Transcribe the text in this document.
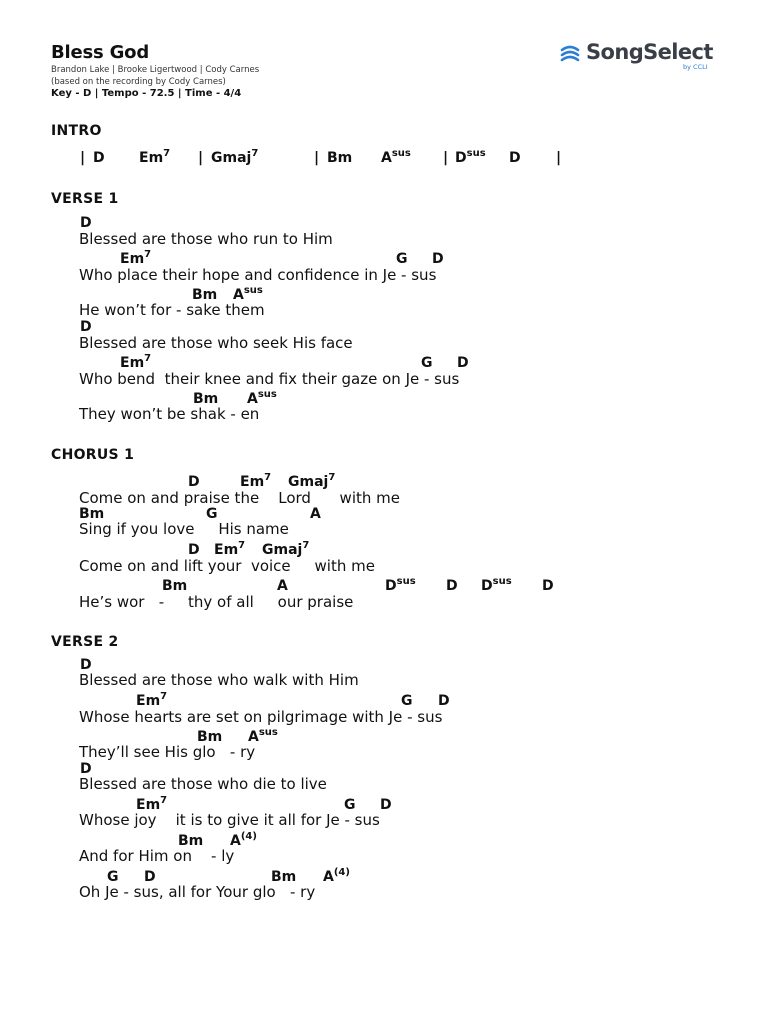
Bless God
Brandon Lake | Brooke Ligertwood | Cody Carnes
(based on the recording by Cody Carnes)
Key - D | Tempo - 72.5 | Time - 4/4

SongSelect

by CCLI

INTRO
| D Em$^7$ | Gmaj$^7$	| Bm $A^{sus}$ | $D^{sus}$ D	|
VERSE 1
D
Blessed are those who run to Him
Em$^7$	G D
Who place their hope and confidence in Je - sus
Bm $A^{sus}$
He won’t for - sake them
D
Blessed are those who seek His face
Em$^7$	G D
Who bend  their knee and fix their gaze on Je - sus
Bm $A^{sus}$
They won’t be shak - en
CHORUS 1
D	Em$^7$ Gmaj$^7$
Come on and praise the    Lord      with me
Bm	G	A
Sing if you love     His name
D Em$^7$ Gmaj$^7$
Come on and lift your  voice     with me
Bm	A	$D^{sus}$ D $D^{sus}$ D
He’s wor   -     thy of all     our praise
VERSE 2
D
Blessed are those who walk with Him
Em$^7$	G D
Whose hearts are set on pilgrimage with Je - sus
Bm $A^{sus}$
They’ll see His glo   - ry
D
Blessed are those who die to live
Em$^7$	G D
Whose joy    it is to give it all for Je - sus
Bm $A^{(4)}$
And for Him on    - ly
G D	Bm $A^{(4)}$
Oh Je - sus, all for Your glo   - ry
